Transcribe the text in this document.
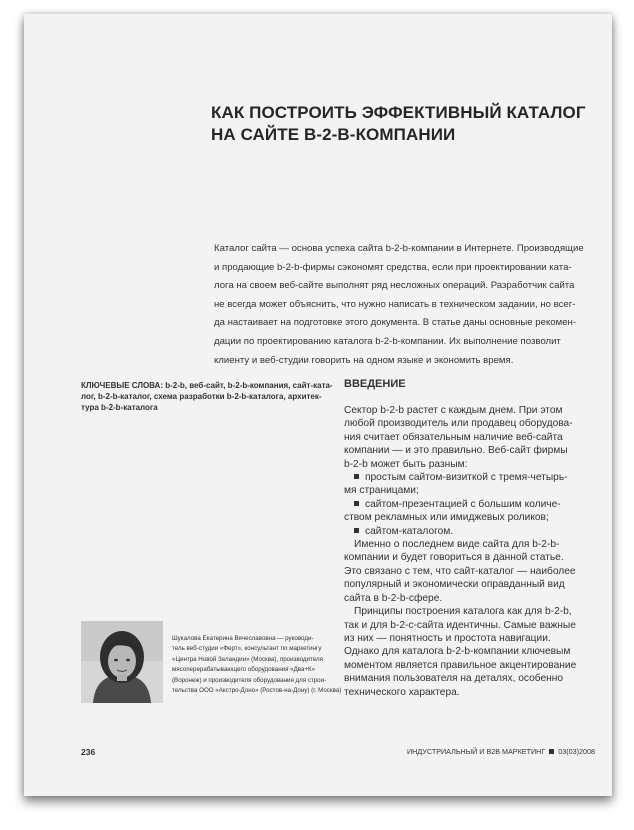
КАК ПОСТРОИТЬ ЭФФЕКТИВНЫЙ КАТАЛОГ
НА САЙТЕ B-2-B-КОМПАНИИ
Каталог сайта — основа успеха сайта b-2-b-компании в Интернете. Производящие
и продающие b-2-b-фирмы сэкономят средства, если при проектировании ката-
лога на своем веб-сайте выполнят ряд несложных операций. Разработчик сайта
не всегда может объяснить, что нужно написать в техническом задании, но всег-
да настаивает на подготовке этого документа. В статье даны основные рекомен-
дации по проектированию каталога b-2-b-компании. Их выполнение позволит
клиенту и веб-студии говорить на одном языке и экономить время.
КЛЮЧЕВЫЕ СЛОВА: b-2-b, веб-сайт, b-2-b-компания, сайт-ката-
лог, b-2-b-каталог, схема разработки b-2-b-каталога, архитек-
тура b-2-b-каталога
ВВЕДЕНИЕ
Сектор b-2-b растет с каждым днем. При этом
любой производитель или продавец оборудова-
ния считает обязательным наличие веб-сайта
компании — и это правильно. Веб-сайт фирмы
b-2-b может быть разным:
простым сайтом-визиткой с тремя-четырь-
мя страницами;
сайтом-презентацией с большим количе-
ством рекламных или имиджевых роликов;
сайтом-каталогом.
Именно о последнем виде сайта для b-2-b-
компании и будет говориться в данной статье.
Это связано с тем, что сайт-каталог — наиболее
популярный и экономически оправданный вид
сайта в b-2-b-сфере.
Принципы построения каталога как для b-2-b,
так и для b-2-c-сайта идентичны. Самые важные
из них — понятность и простота навигации.
Однако для каталога b-2-b-компании ключевым
моментом является правильное акцентирование
внимания пользователя на деталях, особенно
технического характера.
Шукалова Екатерина Вячеславовна — руководи-
тель веб-студии «Ферт», консультант по маркетингу
«Центра Новой Зеландии» (Москва), производителя
мясоперерабатывающего оборудования «Два+К»
(Воронеж) и производителя оборудования для строи-
тельства ООО «Акстро-Доно» (Ростов-на-Дону) (г. Москва)
236	ИНДУСТРИАЛЬНЫЙ И B2B МАРКЕТИНГ 03(03)2008
